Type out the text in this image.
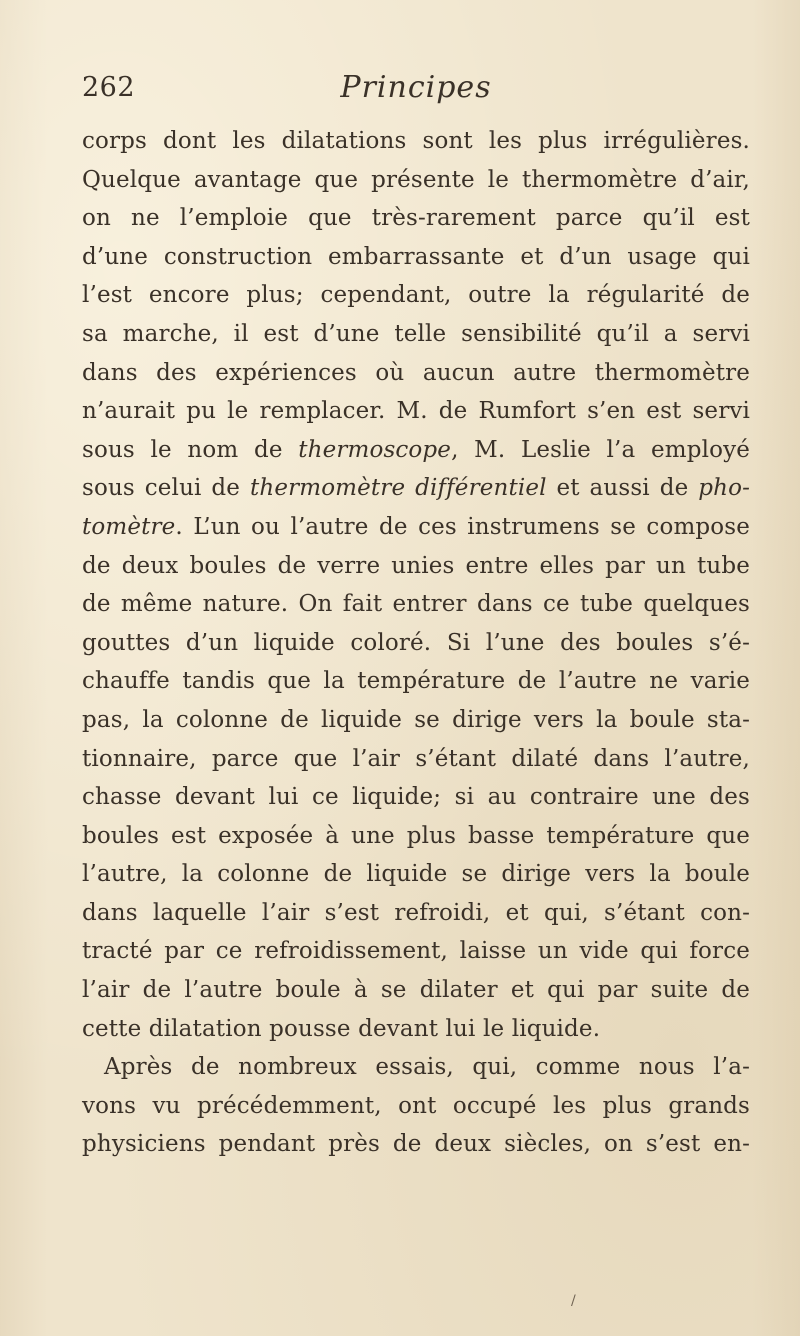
262	Principes
corps dont les dilatations sont les plus irrégulières.
Quelque avantage que présente le thermomètre d’air,
on ne l’emploie que très-rarement parce qu’il est
d’une construction embarrassante et d’un usage qui
l’est encore plus; cependant, outre la régularité de
sa marche, il est d’une telle sensibilité qu’il a servi
dans des expériences où aucun autre thermomètre
n’aurait pu le remplacer. M. de Rumfort s’en est servi
sous le nom de thermoscope, M. Leslie l’a employé
sous celui de thermomètre différentiel et aussi de pho-
tomètre. L’un ou l’autre de ces instrumens se compose
de deux boules de verre unies entre elles par un tube
de même nature. On fait entrer dans ce tube quelques
gouttes d’un liquide coloré. Si l’une des boules s’é-
chauffe tandis que la température de l’autre ne varie
pas, la colonne de liquide se dirige vers la boule sta-
tionnaire, parce que l’air s’étant dilaté dans l’autre,
chasse devant lui ce liquide; si au contraire une des
boules est exposée à une plus basse température que
l’autre, la colonne de liquide se dirige vers la boule
dans laquelle l’air s’est refroidi, et qui, s’étant con-
tracté par ce refroidissement, laisse un vide qui force
l’air de l’autre boule à se dilater et qui par suite de
cette dilatation pousse devant lui le liquide.
Après de nombreux essais, qui, comme nous l’a-
vons vu précédemment, ont occupé les plus grands
physiciens pendant près de deux siècles, on s’est en-
/
